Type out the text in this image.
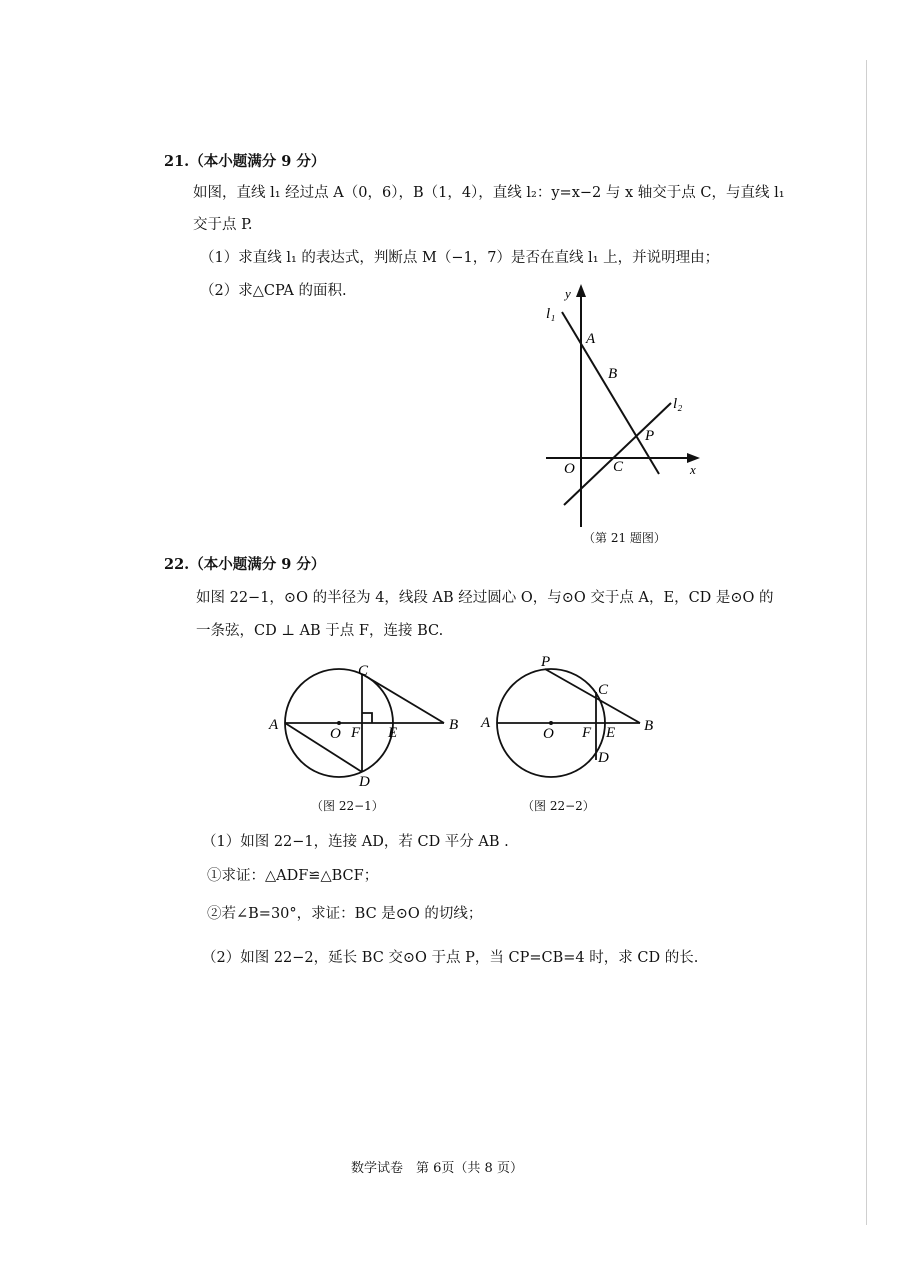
21.（本小题满分 9 分）
如图，直线 l₁ 经过点 A（0，6），B（1，4），直线 l₂：y=x−2 与 x 轴交于点 C，与直线 l₁
交于点 P.
（1）求直线 l₁ 的表达式，判断点 M（−1，7）是否在直线 l₁ 上，并说明理由；
（2）求△CPA 的面积.	y
x
l₁
l₂
A
B
P
O	C
（第 21 题图）
22.（本小题满分 9 分）
如图 22−1，⊙O 的半径为 4，线段 AB 经过圆心 O，与⊙O 交于点 A，E，CD 是⊙O 的
一条弦，CD ⊥ AB 于点 F，连接 BC.
A
C
D
B
E
F
O
（图 22−1）
P
C
A	B
F E
D
O
（图 22−2）
（1）如图 22−1，连接 AD，若 CD 平分 AB .
①求证：△ADF≌△BCF；
②若∠B=30°，求证：BC 是⊙O 的切线；
（2）如图 22−2，延长 BC 交⊙O 于点 P，当 CP=CB=4 时，求 CD 的长.
数学试卷　第 6页（共 8 页）
